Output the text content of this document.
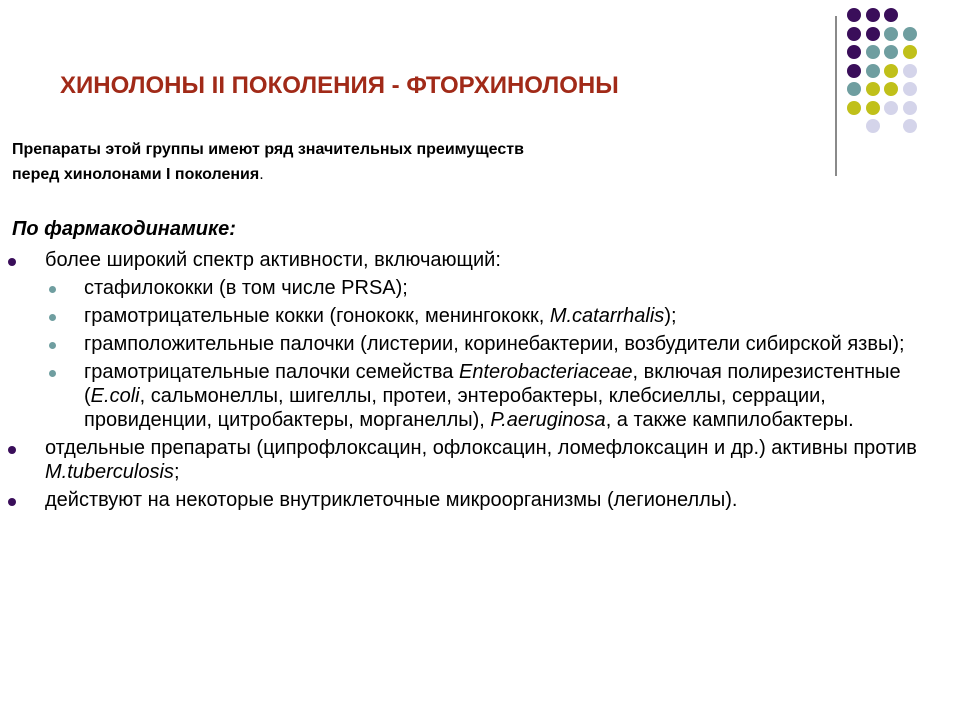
ХИНОЛОНЫ II ПОКОЛЕНИЯ - ФТОРХИНОЛОНЫ
Препараты этой группы имеют ряд значительных преимуществ
перед хинолонами I поколения.
По фармакодинамике:
более широкий спектр активности, включающий:
стафилококки (в том числе PRSA);
грамотрицательные кокки (гонококк, менингококк, M.catarrhalis);
грамположительные палочки (листерии, коринебактерии, возбудители сибирской язвы);
грамотрицательные палочки семейства Enterobacteriaceae, включая полирезистентные (E.coli, сальмонеллы, шигеллы, протеи, энтеробактеры, клебсиеллы, серрации, провиденции, цитробактеры, морганеллы), P.aeruginosa, а также кампилобактеры.
отдельные препараты (ципрофлоксацин, офлоксацин, ломефлоксацин и др.) активны против M.tuberculosis;
действуют на некоторые внутриклеточные микроорганизмы (легионеллы).
